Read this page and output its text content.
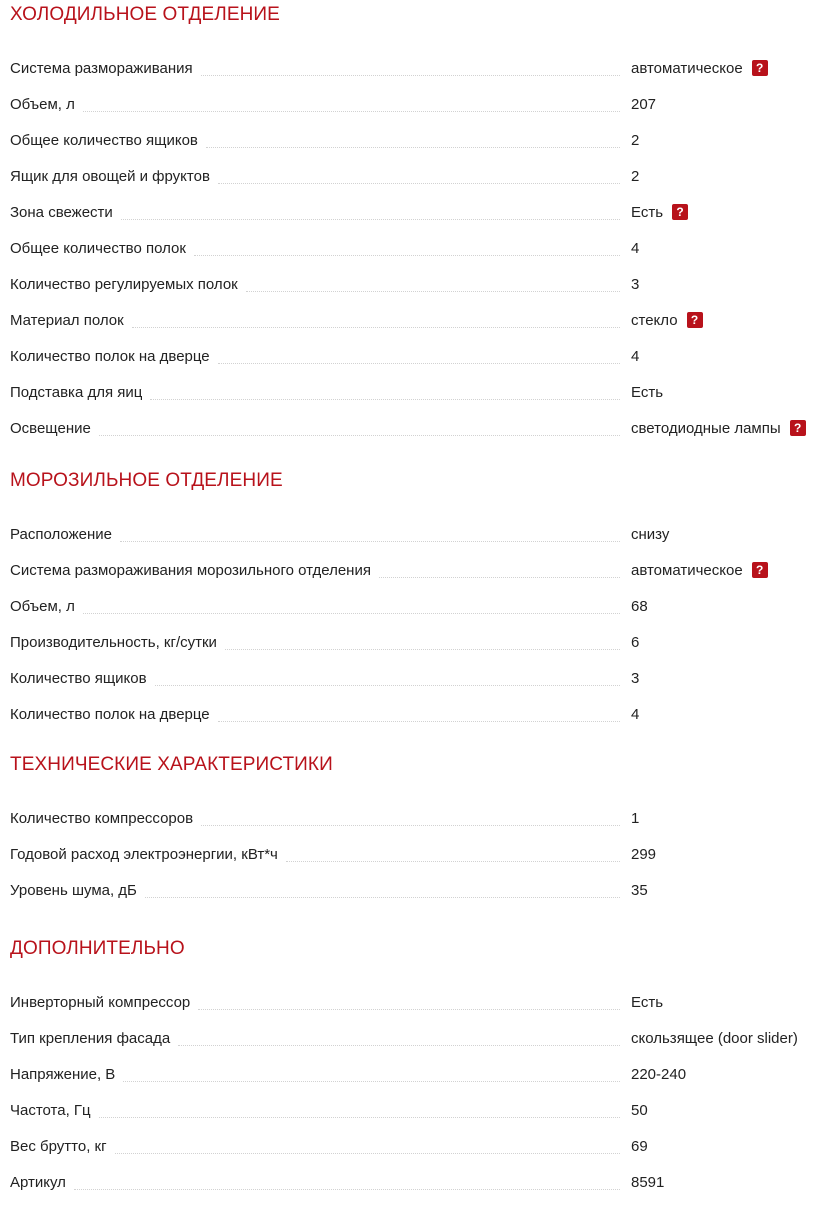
ХОЛОДИЛЬНОЕ ОТДЕЛЕНИЕ
Система размораживания	автоматическое	?
Объем, л	207
Общее количество ящиков	2
Ящик для овощей и фруктов	2
Зона свежести	Есть	?
Общее количество полок	4
Количество регулируемых полок	3
Материал полок	стекло	?
Количество полок на дверце	4
Подставка для яиц	Есть
Освещение	светодиодные лампы	?
МОРОЗИЛЬНОЕ ОТДЕЛЕНИЕ
Расположение	снизу
Система размораживания морозильного отделения	автоматическое	?
Объем, л	68
Производительность, кг/сутки	6
Количество ящиков	3
Количество полок на дверце	4
ТЕХНИЧЕСКИЕ ХАРАКТЕРИСТИКИ
Количество компрессоров	1
Годовой расход электроэнергии, кВт*ч	299
Уровень шума, дБ	35
ДОПОЛНИТЕЛЬНО
Инверторный компрессор	Есть
Тип крепления фасада	скользящее (door slider)
Напряжение, В	220-240
Частота, Гц	50
Вес брутто, кг	69
Артикул	8591
